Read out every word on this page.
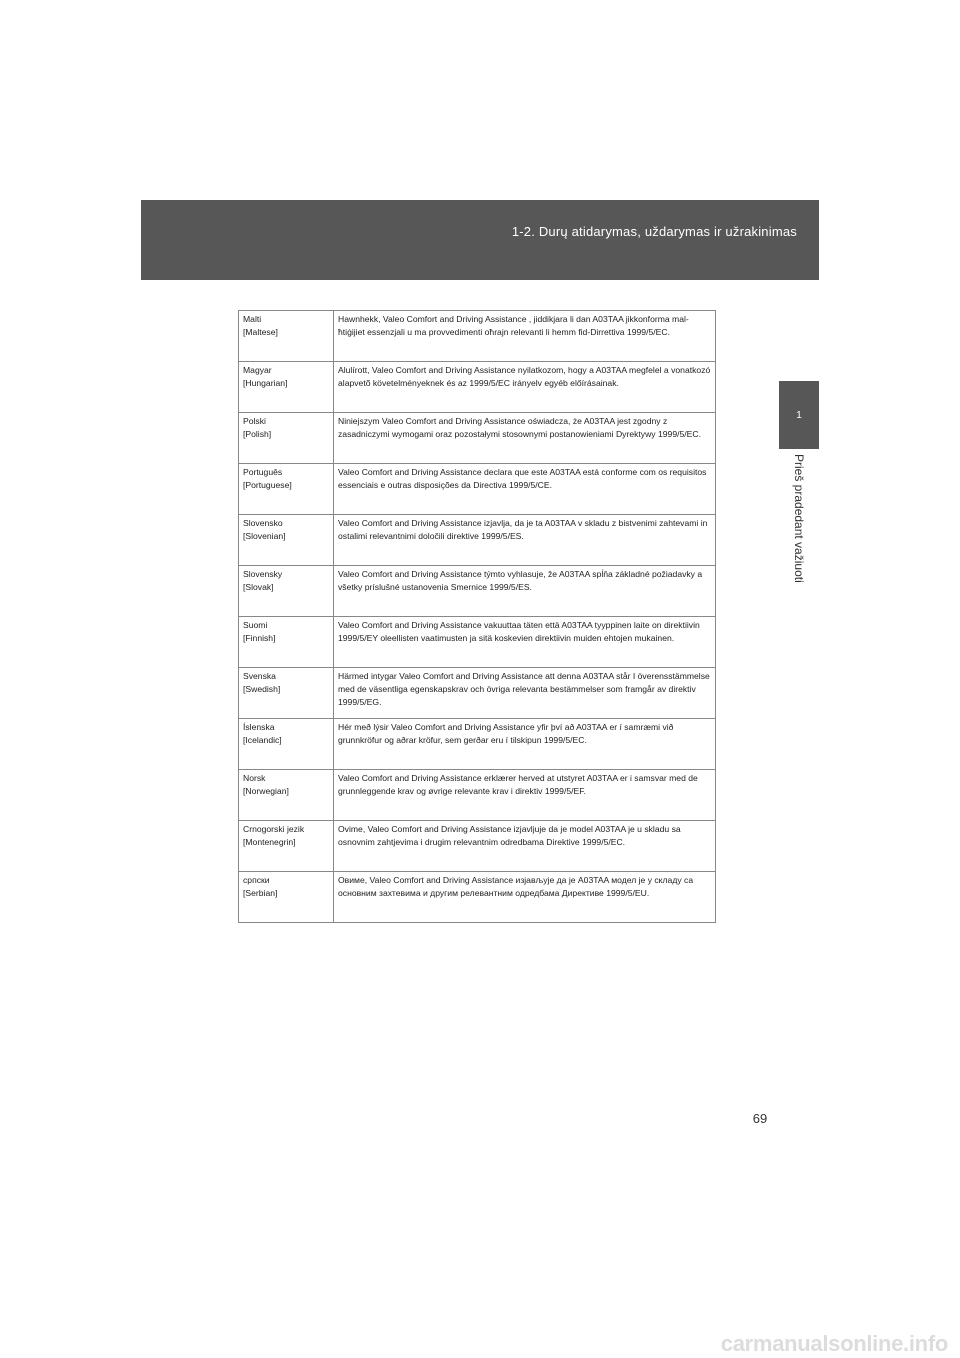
1-2. Durų atidarymas, uždarymas ir užrakinimas
1
Prieš pradedant važiuoti
Malti
[Maltese]	Hawnhekk, Valeo Comfort and Driving Assistance , jiddikjara li dan A03TAA jikkonforma mal-ħtiġijiet essenzjali u ma provvedimenti oħrajn relevanti li hemm fid-Dirrettiva 1999/5/EC.

Magyar
[Hungarian]	Alulírott, Valeo Comfort and Driving Assistance nyilatkozom, hogy a A03TAA megfelel a vonatkozó alapvetõ követelményeknek és az 1999/5/EC irányelv egyéb előírásainak.

Polski
[Polish]	Niniejszym Valeo Comfort and Driving Assistance oświadcza, że A03TAA jest zgodny z zasadniczymi wymogami oraz pozostałymi stosownymi postanowieniami Dyrektywy 1999/5/EC.

Português
[Portuguese]	Valeo Comfort and Driving Assistance declara que este A03TAA está conforme com os requisitos essenciais e outras disposições da Directiva 1999/5/CE.

Slovensko
[Slovenian]	Valeo Comfort and Driving Assistance izjavlja, da je ta A03TAA v skladu z bistvenimi zahtevami in ostalimi relevantnimi določili direktive 1999/5/ES.

Slovensky
[Slovak]	Valeo Comfort and Driving Assistance týmto vyhlasuje, že A03TAA spĺňa základné požiadavky a všetky príslušné ustanovenia Smernice 1999/5/ES.

Suomi
[Finnish]	Valeo Comfort and Driving Assistance vakuuttaa täten että A03TAA tyyppinen laite on direktiivin 1999/5/EY oleellisten vaatimusten ja sitä koskevien direktiivin muiden ehtojen mukainen.

Svenska
[Swedish]	Härmed intygar Valeo Comfort and Driving Assistance att denna A03TAA står I överensstämmelse med de väsentliga egenskapskrav och övriga relevanta bestämmelser som framgår av direktiv 1999/5/EG.

Íslenska
[Icelandic]	Hér með lýsir Valeo Comfort and Driving Assistance yfir því að A03TAA er í samræmi við grunnkröfur og aðrar kröfur, sem gerðar eru í tilskipun 1999/5/EC.

Norsk
[Norwegian]	Valeo Comfort and Driving Assistance erklærer herved at utstyret A03TAA er i samsvar med de grunnleggende krav og øvrige relevante krav i direktiv 1999/5/EF.

Crnogorski jezik
[Montenegrin]	Ovime, Valeo Comfort and Driving Assistance izjavljuje da je model A03TAA je u skladu sa osnovnim zahtjevima i drugim relevantnim odredbama Direktive 1999/5/EC.

српски
[Serbian]	Овиме, Valeo Comfort and Driving Assistance изјављује да је A03TAA модел је у складу са основним захтевима и другим релевантним одредбама Директиве 1999/5/EU.
69
carmanualsonline.info
